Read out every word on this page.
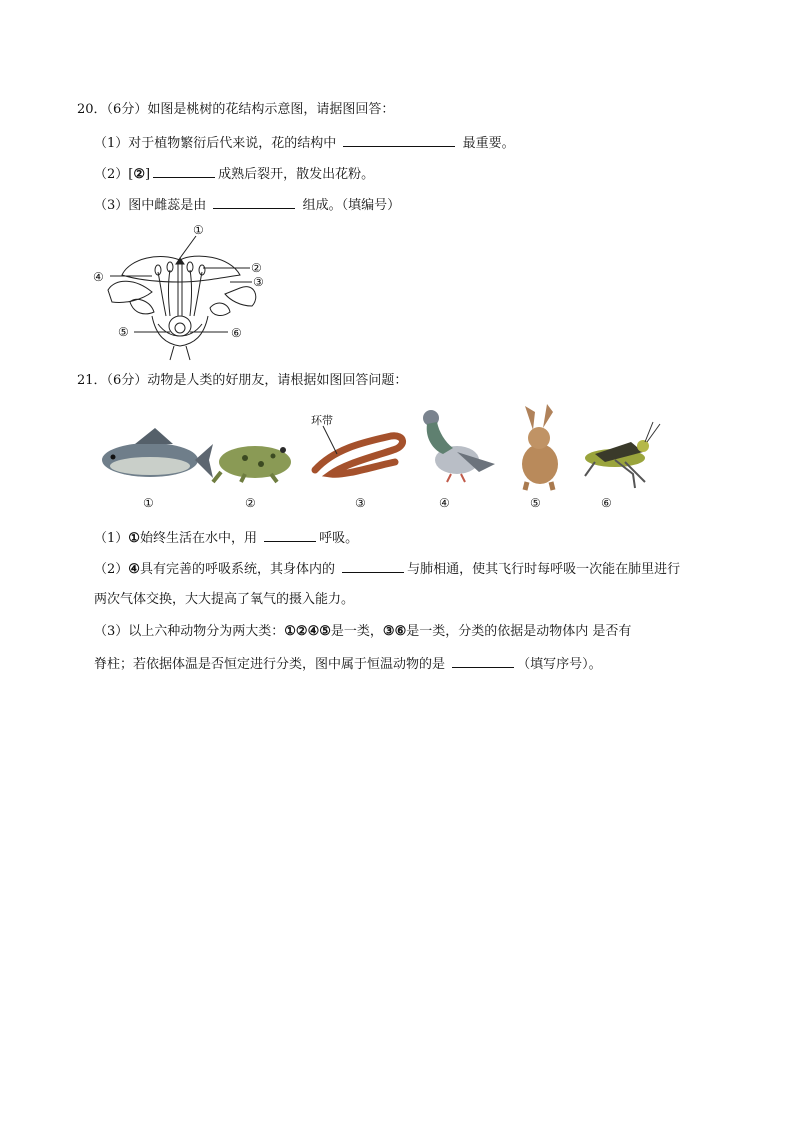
20．（6分）如图是桃树的花结构示意图，请据图回答：
（1）对于植物繁衍后代来说，花的结构中	最重要。
（2）[②]	成熟后裂开，散发出花粉。
（3）图中雌蕊是由	组成。（填编号）
①
②
③
④
⑤	⑥
21．（6分）动物是人类的好朋友，请根据如图回答问题：
环带
①	②	③	④	⑤	⑥
（1）①始终生活在水中，用	呼吸。
（2）④具有完善的呼吸系统，其身体内的	与肺相通，使其飞行时每呼吸一次能在肺里进行
两次气体交换，大大提高了氧气的摄入能力。
（3）以上六种动物分为两大类：①②④⑤是一类，③⑥是一类，分类的依据是动物体内 是否有
脊柱；若依据体温是否恒定进行分类，图中属于恒温动物的是	（填写序号）。
